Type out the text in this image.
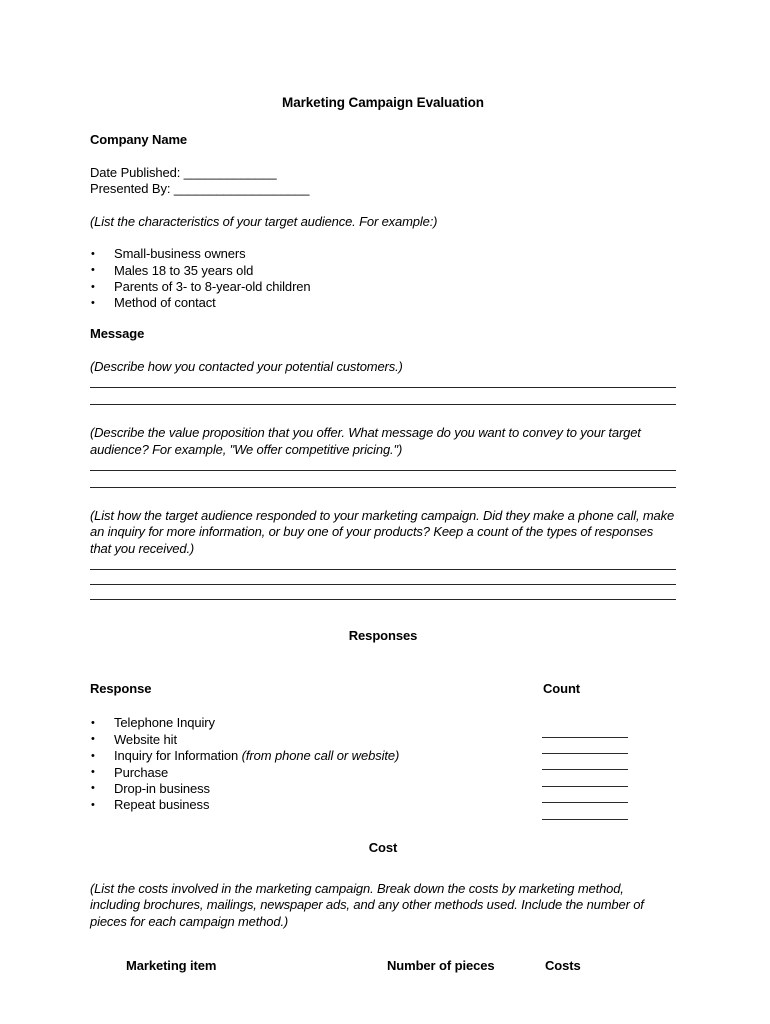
Marketing Campaign Evaluation
Company Name

Date Published: _____________

Presented By: ___________________

(List the characteristics of your target audience. For example:)

• Small-business owners
• Males 18 to 35 years old
• Parents of 3- to 8-year-old children
• Method of contact
Message

(Describe how you contacted your potential customers.)

(Describe the value proposition that you offer. What message do you want to convey to your target audience? For example, "We offer competitive pricing.")

(List how the target audience responded to your marketing campaign. Did they make a phone call, make an inquiry for more information, or buy one of your products? Keep a count of the types of responses that you received.)

Responses
Response	Count
• Telephone Inquiry
• Website hit
• Inquiry for Information (from phone call or website)
• Purchase
• Drop-in business
• Repeat business
Cost

(List the costs involved in the marketing campaign. Break down the costs by marketing method, including brochures, mailings, newspaper ads, and any other methods used. Include the number of pieces for each campaign method.)

Marketing item	Number of pieces	Costs
